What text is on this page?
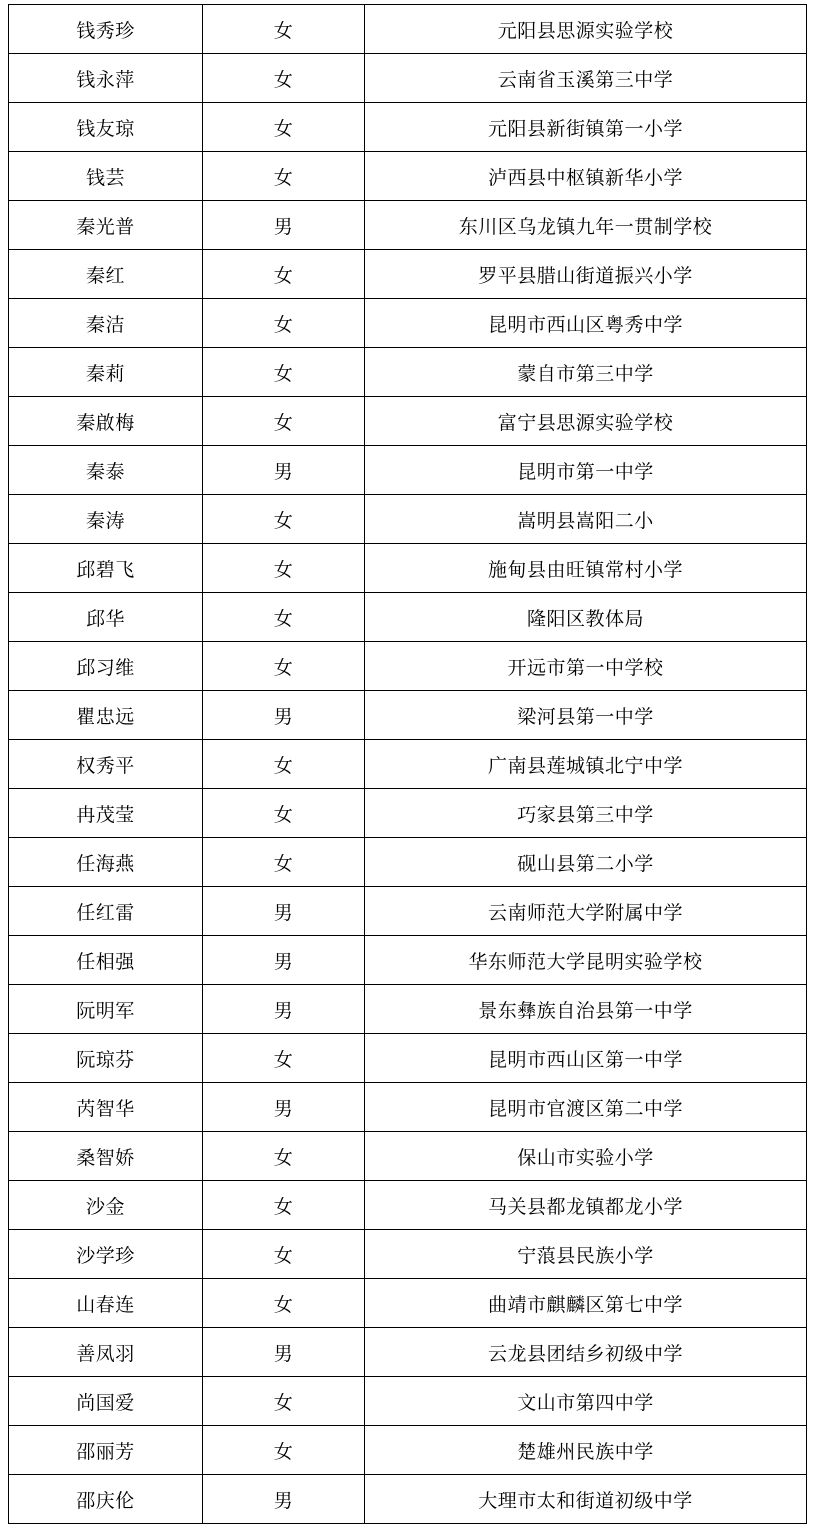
钱秀珍	女	元阳县思源实验学校
钱永萍	女	云南省玉溪第三中学
钱友琼	女	元阳县新街镇第一小学
钱芸	女	泸西县中枢镇新华小学
秦光普	男	东川区乌龙镇九年一贯制学校
秦红	女	罗平县腊山街道振兴小学
秦洁	女	昆明市西山区粤秀中学
秦莉	女	蒙自市第三中学
秦啟梅	女	富宁县思源实验学校
秦泰	男	昆明市第一中学
秦涛	女	嵩明县嵩阳二小
邱碧飞	女	施甸县由旺镇常村小学
邱华	女	隆阳区教体局
邱习维	女	开远市第一中学校
瞿忠远	男	梁河县第一中学
权秀平	女	广南县莲城镇北宁中学
冉茂莹	女	巧家县第三中学
任海燕	女	砚山县第二小学
任红雷	男	云南师范大学附属中学
任相强	男	华东师范大学昆明实验学校
阮明军	男	景东彝族自治县第一中学
阮琼芬	女	昆明市西山区第一中学
芮智华	男	昆明市官渡区第二中学
桑智娇	女	保山市实验小学
沙金	女	马关县都龙镇都龙小学
沙学珍	女	宁蒗县民族小学
山春连	女	曲靖市麒麟区第七中学
善凤羽	男	云龙县团结乡初级中学
尚国爱	女	文山市第四中学
邵丽芳	女	楚雄州民族中学
邵庆伦	男	大理市太和街道初级中学
